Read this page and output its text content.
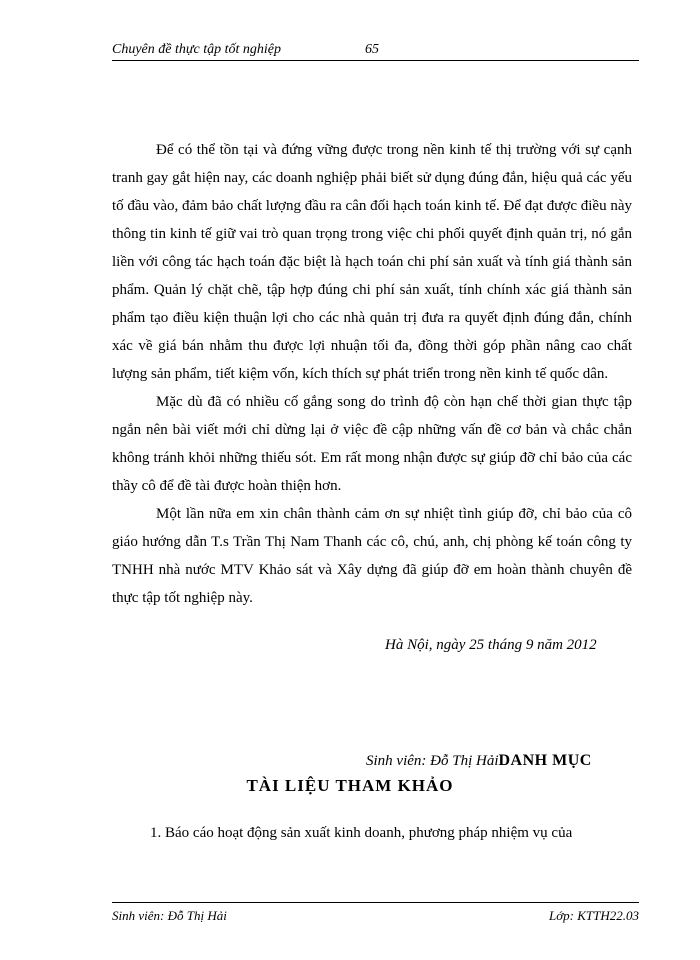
Chuyên đề thực tập tốt nghiệp	65

Để có thể tồn tại và đứng vững được trong nền kinh tế thị trường với sự cạnh tranh gay gắt hiện nay, các doanh nghiệp phải biết sử dụng đúng đắn, hiệu quả các yếu tố đầu vào, đảm bảo chất lượng đầu ra cân đối hạch toán kinh tế. Để đạt được điều này thông tin kinh tế giữ vai trò quan trọng trong việc chi phối quyết định quản trị, nó gắn liền với công tác hạch toán đặc biệt là hạch toán chi phí sản xuất và tính giá thành sản phẩm. Quản lý chặt chẽ, tập hợp đúng chi phí sản xuất, tính chính xác giá thành sản phẩm tạo điều kiện thuận lợi cho các nhà quản trị đưa ra quyết định đúng đắn, chính xác về giá bán nhằm thu được lợi nhuận tối đa, đồng thời góp phần nâng cao chất lượng sản phẩm, tiết kiệm vốn, kích thích sự phát triển trong nền kinh tế quốc dân.

Mặc dù đã có nhiều cố gắng song do trình độ còn hạn chế thời gian thực tập ngắn nên bài viết mới chỉ dừng lại ở việc đề cập những vấn đề cơ bản và chắc chắn không tránh khỏi những thiếu sót. Em rất mong nhận được sự giúp đỡ chỉ bảo của các thầy cô để đề tài được hoàn thiện hơn.

Một lần nữa em xin chân thành cảm ơn sự nhiệt tình giúp đỡ, chỉ bảo của cô giáo hướng dẫn T.s Trần Thị Nam Thanh các cô, chú, anh, chị phòng kế toán công ty TNHH nhà nước MTV Khảo sát và Xây dựng đã giúp đỡ em hoàn thành chuyên đề thực tập tốt nghiệp này.

Hà Nội, ngày 25 tháng 9 năm 2012
Sinh viên: Đỗ Thị HảiDANH MỤC
TÀI LIỆU THAM KHẢO
1. Báo cáo hoạt động sản xuất kinh doanh, phương pháp nhiệm vụ của
Sinh viên: Đỗ Thị Hải	Lớp: KTTH22.03
